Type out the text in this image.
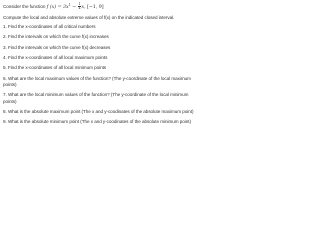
Consider the function f $(x) = 3x^1 - \frac{1}{4} x$, [−1, 9]
Compute the local and absolute extreme values of f(x) on the indicated closed interval.
1. Find the x-coordinates of all critical numbers
2. Find the intervals on which the curve f(x) increases
3. Find the intervals on which the curve f(x) decreases
4. Find the x-coordinates of all local maximum points
5. Find the x-coordinates of all local minimum points
6. What are the local maximum values of the function? (The y-coordinate of the local maximum points)
7. What are the local minimum values of the function? (The y-coordinate of the local minimum points)
8. What is the absolute maximum point (The x and y-coodinates of the absolute maximum point)
9. What is the absolute minimum point (The x and y-coodinates of the absolute minimum point)
